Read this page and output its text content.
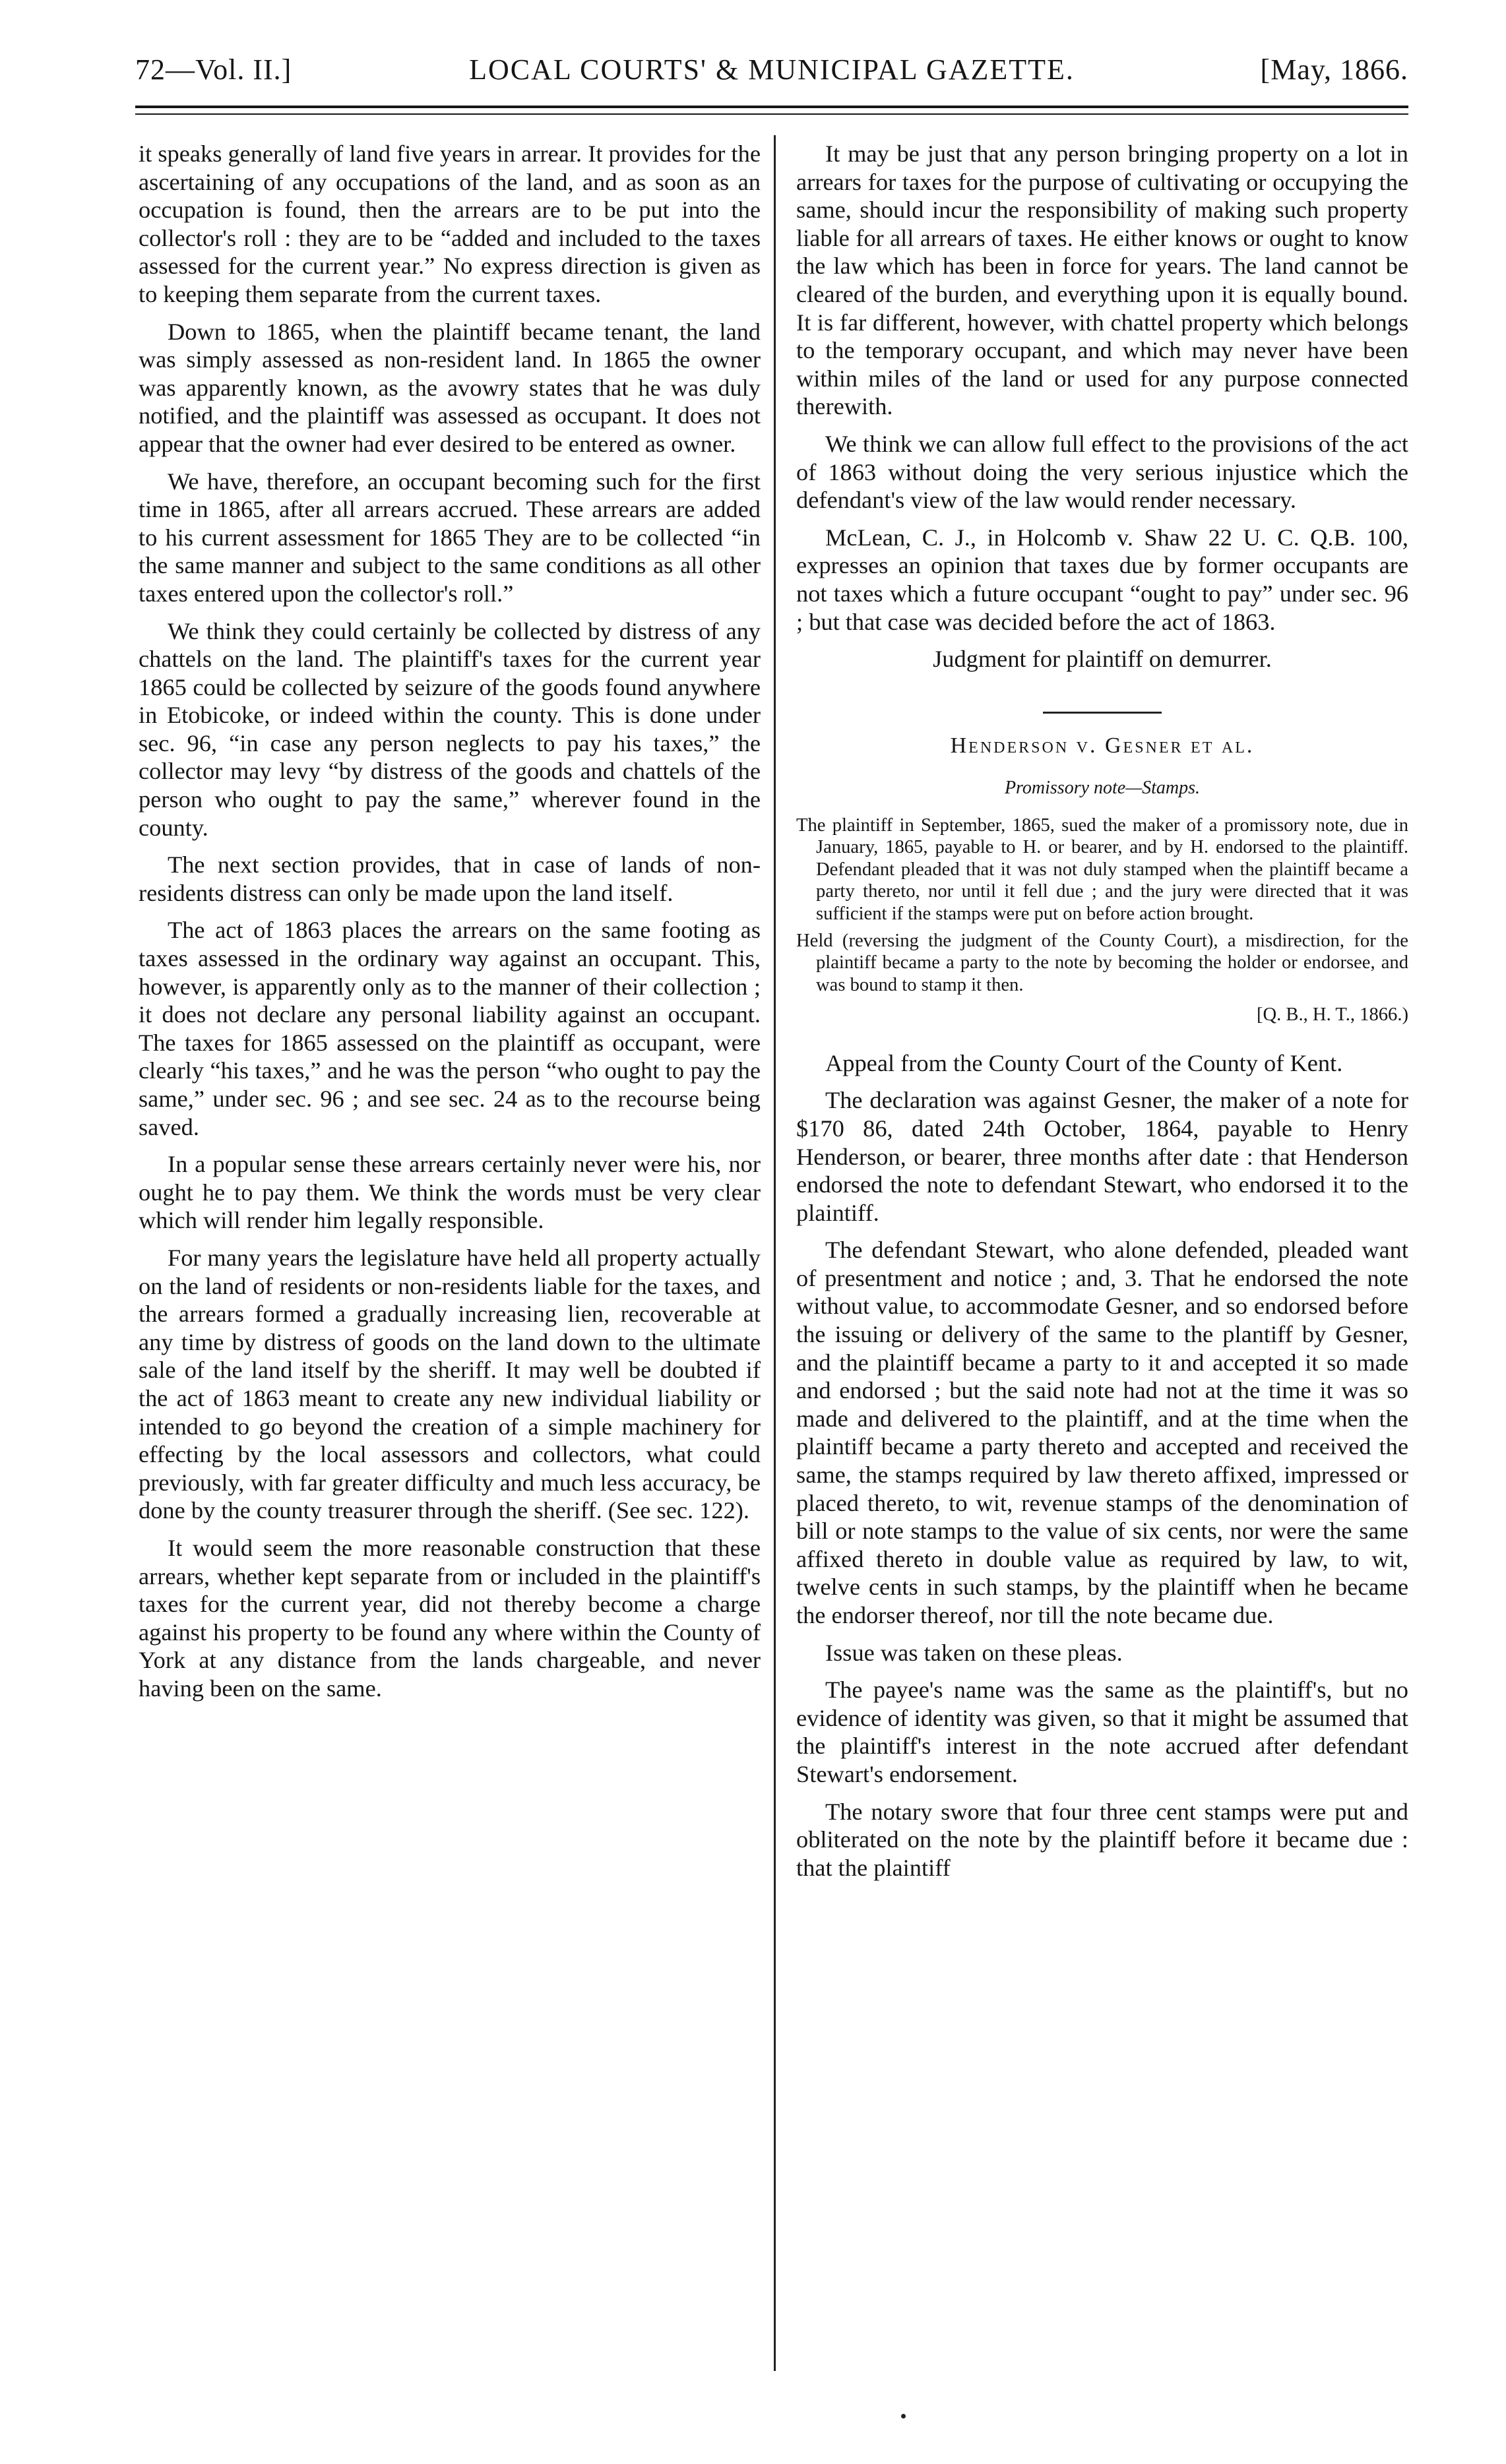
72—Vol. II.]	LOCAL COURTS' & MUNICIPAL GAZETTE.	[May, 1866.

it speaks generally of land five years in arrear. It provides for the ascertaining of any occupations of the land, and as soon as an occupation is found, then the arrears are to be put into the collector's roll : they are to be “added and included to the taxes assessed for the current year.” No express direction is given as to keeping them separate from the current taxes.

Down to 1865, when the plaintiff became tenant, the land was simply assessed as non-resident land. In 1865 the owner was apparently known, as the avowry states that he was duly notified, and the plaintiff was assessed as occupant. It does not appear that the owner had ever desired to be entered as owner.

We have, therefore, an occupant becoming such for the first time in 1865, after all arrears accrued. These arrears are added to his current assessment for 1865 They are to be collected “in the same manner and subject to the same conditions as all other taxes entered upon the collector's roll.”

We think they could certainly be collected by distress of any chattels on the land. The plaintiff's taxes for the current year 1865 could be collected by seizure of the goods found anywhere in Etobicoke, or indeed within the county. This is done under sec. 96, “in case any person neglects to pay his taxes,” the collector may levy “by distress of the goods and chattels of the person who ought to pay the same,” wherever found in the county.

The next section provides, that in case of lands of non-residents distress can only be made upon the land itself.

The act of 1863 places the arrears on the same footing as taxes assessed in the ordinary way against an occupant. This, however, is apparently only as to the manner of their collection ; it does not declare any personal liability against an occupant. The taxes for 1865 assessed on the plaintiff as occupant, were clearly “his taxes,” and he was the person “who ought to pay the same,” under sec. 96 ; and see sec. 24 as to the recourse being saved.

In a popular sense these arrears certainly never were his, nor ought he to pay them. We think the words must be very clear which will render him legally responsible.

For many years the legislature have held all property actually on the land of residents or non-residents liable for the taxes, and the arrears formed a gradually increasing lien, recoverable at any time by distress of goods on the land down to the ultimate sale of the land itself by the sheriff. It may well be doubted if the act of 1863 meant to create any new individual liability or intended to go beyond the creation of a simple machinery for effecting by the local assessors and collectors, what could previously, with far greater difficulty and much less accuracy, be done by the county treasurer through the sheriff. (See sec. 122).

It would seem the more reasonable construction that these arrears, whether kept separate from or included in the plaintiff's taxes for the current year, did not thereby become a charge against his property to be found any where within the County of York at any distance from the lands chargeable, and never having been on the same.

It may be just that any person bringing property on a lot in arrears for taxes for the purpose of cultivating or occupying the same, should incur the responsibility of making such property liable for all arrears of taxes. He either knows or ought to know the law which has been in force for years. The land cannot be cleared of the burden, and everything upon it is equally bound. It is far different, however, with chattel property which belongs to the temporary occupant, and which may never have been within miles of the land or used for any purpose connected therewith.

We think we can allow full effect to the provisions of the act of 1863 without doing the very serious injustice which the defendant's view of the law would render necessary.

McLean, C. J., in Holcomb v. Shaw 22 U. C. Q.B. 100, expresses an opinion that taxes due by former occupants are not taxes which a future occupant “ought to pay” under sec. 96 ; but that case was decided before the act of 1863.

Judgment for plaintiff on demurrer.

Henderson v. Gesner et al.
Promissory note—Stamps.
The plaintiff in September, 1865, sued the maker of a promissory note, due in January, 1865, payable to H. or bearer, and by H. endorsed to the plaintiff. Defendant pleaded that it was not duly stamped when the plaintiff became a party thereto, nor until it fell due ; and the jury were directed that it was sufficient if the stamps were put on before action brought.
Held (reversing the judgment of the County Court), a misdirection, for the plaintiff became a party to the note by becoming the holder or endorsee, and was bound to stamp it then.
[Q. B., H. T., 1866.)

Appeal from the County Court of the County of Kent.

The declaration was against Gesner, the maker of a note for $170 86, dated 24th October, 1864, payable to Henry Henderson, or bearer, three months after date : that Henderson endorsed the note to defendant Stewart, who endorsed it to the plaintiff.

The defendant Stewart, who alone defended, pleaded want of presentment and notice ; and, 3. That he endorsed the note without value, to accommodate Gesner, and so endorsed before the issuing or delivery of the same to the plantiff by Gesner, and the plaintiff became a party to it and accepted it so made and endorsed ; but the said note had not at the time it was so made and delivered to the plaintiff, and at the time when the plaintiff became a party thereto and accepted and received the same, the stamps required by law thereto affixed, impressed or placed thereto, to wit, revenue stamps of the denomination of bill or note stamps to the value of six cents, nor were the same affixed thereto in double value as required by law, to wit, twelve cents in such stamps, by the plaintiff when he became the endorser thereof, nor till the note became due.

Issue was taken on these pleas.

The payee's name was the same as the plaintiff's, but no evidence of identity was given, so that it might be assumed that the plaintiff's interest in the note accrued after defendant Stewart's endorsement.

The notary swore that four three cent stamps were put and obliterated on the note by the plaintiff before it became due : that the plaintiff
